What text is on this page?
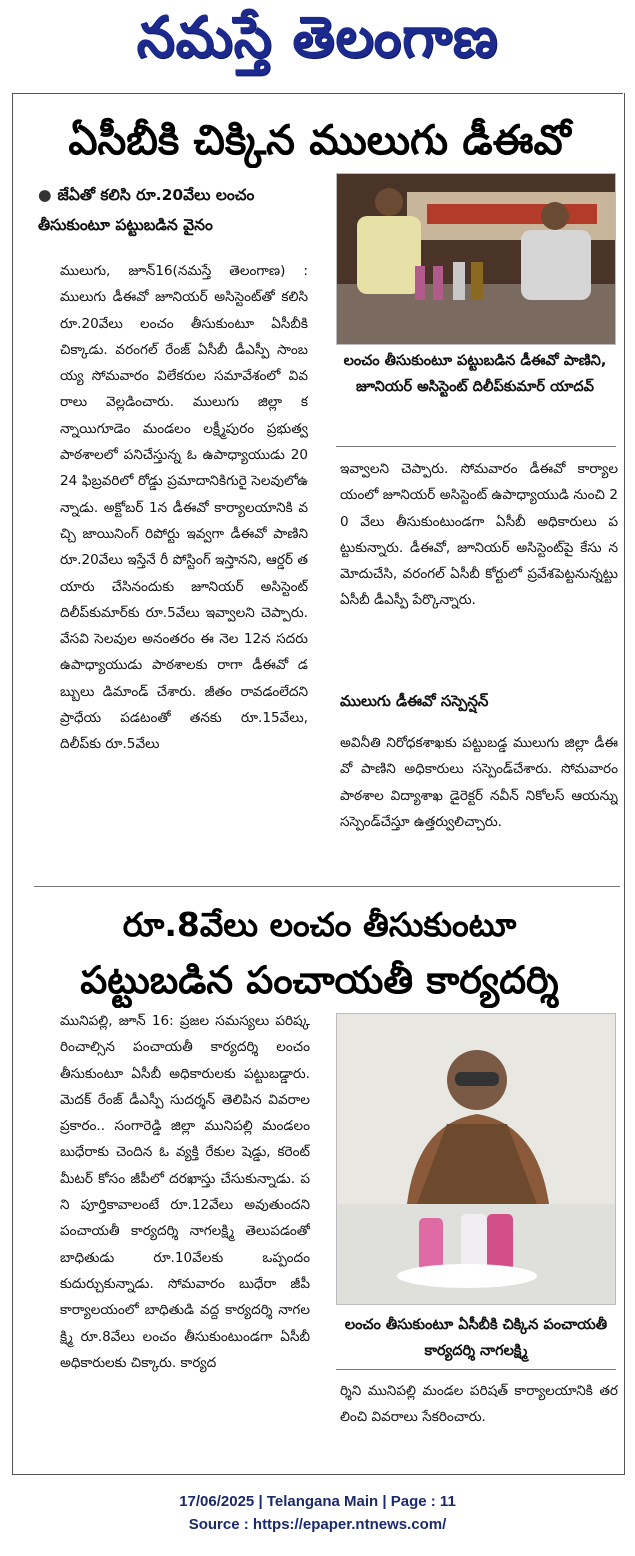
నమస్తే తెలంగాణ
ఏసీబీకి చిక్కిన ములుగు డీఈవో
● జేఏతో కలిసి రూ.20వేలు లంచం తీసుకుంటూ పట్టుబడిన వైనం
ములుగు, జూన్16(నమస్తే తెలంగాణ) : ములుగు డీఈవో జూనియర్ అసిస్టెంట్‌తో కలిసి రూ.20వేలు లంచం తీసుకుంటూ ఏసీబీకి చిక్కాడు. వరంగల్ రేంజ్ ఏసీబీ డీఎస్పీ సాంబయ్య సోమవారం విలేకరుల సమావేశంలో వివరాలు వెల్లడించారు. ములుగు జిల్లా కన్నాయిగూడెం మండలం లక్ష్మీపురం ప్రభుత్వ పాఠశాలలో పనిచేస్తున్న ఓ ఉపాధ్యాయుడు 2024 ఫిబ్రవరిలో రోడ్డు ప్రమాదానికిగురై సెలవులోఉన్నాడు. అక్టోబర్ 1న డీఈవో కార్యాలయానికి వచ్చి జాయినింగ్ రిపోర్టు ఇవ్వగా డీఈవో పాణిని రూ.20వేలు ఇస్తేనే రీ పోస్టింగ్ ఇస్తానని, ఆర్డర్ తయారు చేసినందుకు జూనియర్ అసిస్టెంట్ దిలీప్‌కుమార్‌కు రూ.5వేలు ఇవ్వాలని చెప్పారు. వేసవి సెలవుల అనంతరం ఈ నెల 12న సదరు ఉపాధ్యాయుడు పాఠశాలకు రాగా డీఈవో డబ్బులు డిమాండ్ చేశారు. జీతం రావడంలేదని ప్రాధేయ పడటంతో తనకు రూ.15వేలు, దిలీప్‌కు రూ.5వేలు
లంచం తీసుకుంటూ పట్టుబడిన డీఈవో పాణిని, జూనియర్ అసిస్టెంట్ దిలీప్‌కుమార్ యాదవ్
ఇవ్వాలని చెప్పారు. సోమవారం డీఈవో కార్యాలయంలో జూనియర్ అసిస్టెంట్ ఉపాధ్యాయుడి నుంచి 20 వేలు తీసుకుంటుండగా ఏసీబీ అధికారులు పట్టుకున్నారు. డీఈవో, జూనియర్ అసిస్టెంట్‌పై కేసు నమోదుచేసి, వరంగల్ ఏసీబీ కోర్టులో ప్రవేశపెట్టనున్నట్టు ఏసీబీ డీఎస్పీ పేర్కొన్నారు.
ములుగు డీఈవో సస్పెన్షన్
అవినీతి నిరోధకశాఖకు పట్టుబడ్డ ములుగు జిల్లా డీఈవో పాణిని అధికారులు సస్పెండ్‌చేశారు. సోమవారం పాఠశాల విద్యాశాఖ డైరెక్టర్ నవీన్ నికోలస్ ఆయన్ను సస్పెండ్‌చేస్తూ ఉత్తర్వులిచ్చారు.
రూ.8వేలు లంచం తీసుకుంటూ
పట్టుబడిన పంచాయతీ కార్యదర్శి
మునిపల్లి, జూన్ 16: ప్రజల సమస్యలు పరిష్కరించాల్సిన పంచాయతీ కార్యదర్శి లంచం తీసుకుంటూ ఏసీబీ అధికారులకు పట్టుబడ్డారు. మెదక్ రేంజ్ డీఎస్పీ సుదర్శన్ తెలిపిన వివరాల ప్రకారం.. సంగారెడ్డి జిల్లా మునిపల్లి మండలం బుధేరాకు చెందిన ఓ వ్యక్తి రేకుల షెడ్డు, కరెంట్ మీటర్ కోసం జీపీలో దరఖాస్తు చేసుకున్నాడు. పని పూర్తికావాలంటే రూ.12వేలు అవుతుందని పంచాయతీ కార్యదర్శి నాగలక్ష్మి తెలుపడంతో బాధితుడు రూ.10వేలకు ఒప్పందం కుదుర్చుకున్నాడు. సోమవారం బుధేరా జీపీ కార్యాలయంలో బాధితుడి వద్ద కార్యదర్శి నాగలక్ష్మి రూ.8వేలు లంచం తీసుకుంటుండగా ఏసీబీ అధికారులకు చిక్కారు. కార్యద
లంచం తీసుకుంటూ ఏసీబీకి చిక్కిన పంచాయతీ కార్యదర్శి నాగలక్ష్మి
ర్శిని మునిపల్లి మండల పరిషత్ కార్యాలయానికి తరలించి వివరాలు సేకరించారు.
17/06/2025 | Telangana Main | Page : 11
Source : https://epaper.ntnews.com/
